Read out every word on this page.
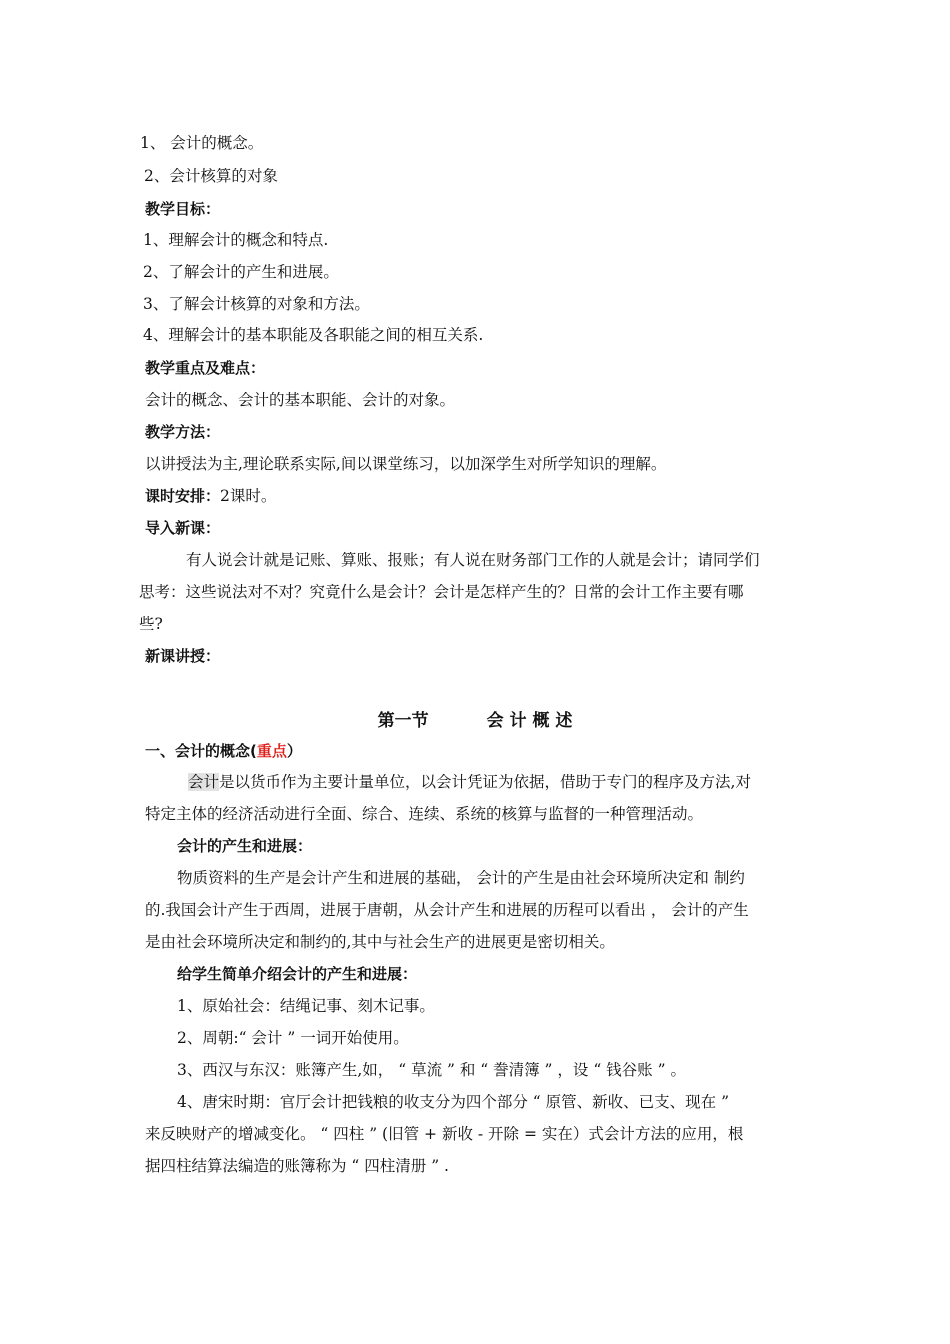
1、 会计的概念。
2、会计核算的对象
教学目标：
1、理解会计的概念和特点.
2、了解会计的产生和进展。
3、了解会计核算的对象和方法。
4、理解会计的基本职能及各职能之间的相互关系.
教学重点及难点：
会计的概念、会计的基本职能、会计的对象。
教学方法：
以讲授法为主,理论联系实际,间以课堂练习，以加深学生对所学知识的理解。
课时安排：2课时。
导入新课：
有人说会计就是记账、算账、报账；有人说在财务部门工作的人就是会计；请同学们
思考：这些说法对不对？究竟什么是会计？会计是怎样产生的？日常的会计工作主要有哪
些?
新课讲授：
第一节	会 计 概 述
一、会计的概念(重点）
会计是以货币作为主要计量单位，以会计凭证为依据，借助于专门的程序及方法,对
特定主体的经济活动进行全面、综合、连续、系统的核算与监督的一种管理活动。
会计的产生和进展：
物质资料的生产是会计产生和进展的基础， 会计的产生是由社会环境所决定和 制约
的.我国会计产生于西周，进展于唐朝，从会计产生和进展的历程可以看出 ， 会计的产生
是由社会环境所决定和制约的,其中与社会生产的进展更是密切相关。
给学生简单介绍会计的产生和进展：
1、原始社会：结绳记事、刻木记事。
2、周朝:“ 会计 ” 一词开始使用。
3、西汉与东汉：账簿产生,如， “ 草流 ” 和 “ 誊清簿 ” ，设 “ 钱谷账 ” 。
4、唐宋时期：官厅会计把钱粮的收支分为四个部分 “ 原管、新收、已支、现在 ”
来反映财产的增减变化。 “ 四柱 ” (旧管 + 新收 - 开除 = 实在）式会计方法的应用，根
据四柱结算法编造的账簿称为 “ 四柱清册 ” .
